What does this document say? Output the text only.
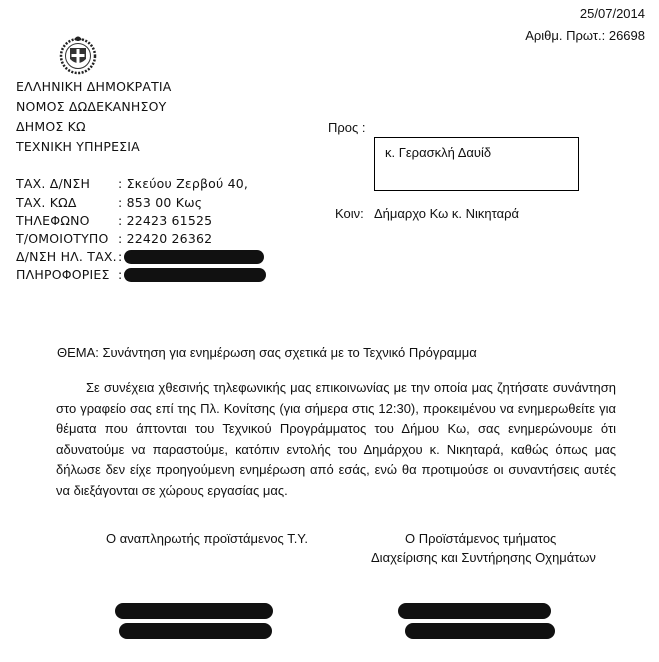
25/07/2014
Αριθμ. Πρωτ.: 26698
ΕΛΛΗΝΙΚΗ ΔΗΜΟΚΡΑΤΙΑ
ΝΟΜΟΣ ΔΩΔΕΚΑΝΗΣΟΥ
ΔΗΜΟΣ ΚΩ
ΤΕΧΝΙΚΗ ΥΠΗΡΕΣΙΑ
ΤΑΧ. Δ/ΝΣΗ : Σκεύου Ζερβού 40,
ΤΑΧ. ΚΩΔ	: 853 00 Κως
ΤΗΛΕΦΩΝΟ : 22423 61525
Τ/ΟΜΟΙΟΤΥΠΟ : 22420 26362
Δ/ΝΣΗ ΗΛ. ΤΑΧ. :
ΠΛΗΡΟΦΟΡΙΕΣ :
Προς :
κ. Γερασκλή Δαυίδ
Κοιν: Δήμαρχο Κω κ. Νικηταρά
ΘΕΜΑ: Συνάντηση για ενημέρωση σας σχετικά με το Τεχνικό Πρόγραμμα
Σε συνέχεια χθεσινής τηλεφωνικής μας επικοινωνίας με την οποία μας ζητήσατε συνάντηση στο γραφείο σας επί της Πλ. Κονίτσης (για σήμερα στις 12:30), προκειμένου να ενημερωθείτε για θέματα που άπτονται του Τεχνικού Προγράμματος του Δήμου Κω, σας ενημερώνουμε ότι αδυνατούμε να παραστούμε, κατόπιν εντολής του Δημάρχου κ. Νικηταρά, καθώς όπως μας δήλωσε δεν είχε προηγούμενη ενημέρωση από εσάς, ενώ θα προτιμούσε οι συναντήσεις αυτές να διεξάγονται σε χώρους εργασίας μας.
Ο αναπληρωτής προϊστάμενος Τ.Υ.	Ο Προϊστάμενος τμήματος
Διαχείρισης και Συντήρησης Οχημάτων
